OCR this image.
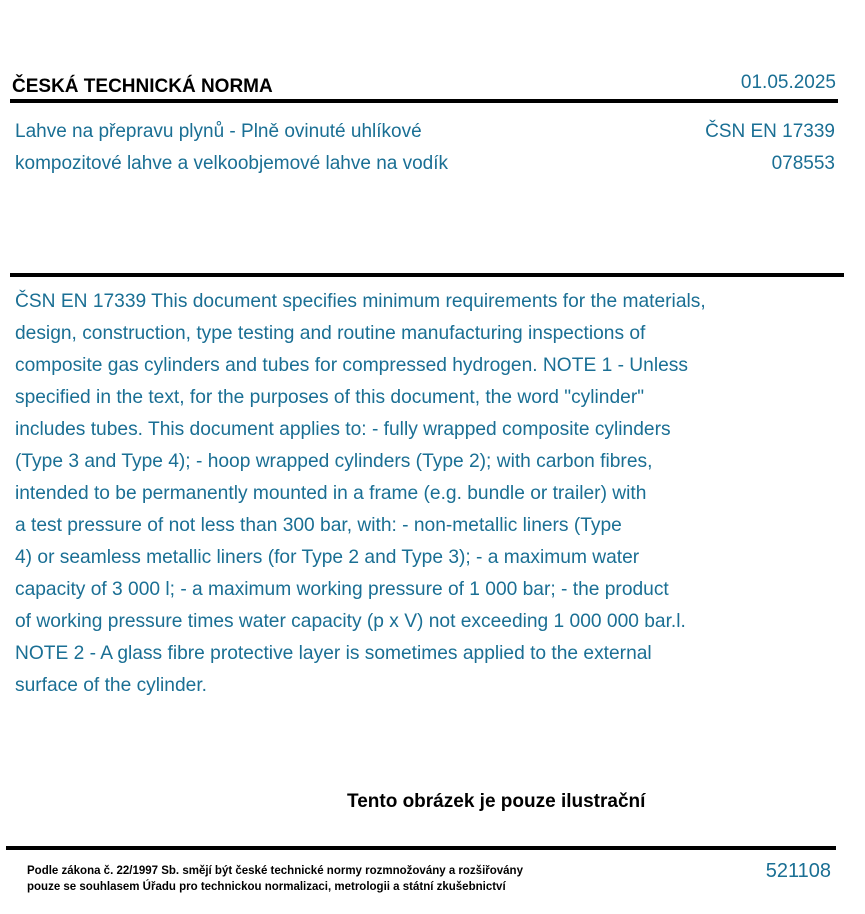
ČESKÁ TECHNICKÁ NORMA	01.05.2025
Lahve na přepravu plynů - Plně ovinuté uhlíkové
kompozitové lahve a velkoobjemové lahve na vodík
ČSN EN 17339
078553
ČSN EN 17339 This document specifies minimum requirements for the materials,
design, construction, type testing and routine manufacturing inspections of
composite gas cylinders and tubes for compressed hydrogen. NOTE 1 - Unless
specified in the text, for the purposes of this document, the word "cylinder"
includes tubes. This document applies to: - fully wrapped composite cylinders
(Type 3 and Type 4); - hoop wrapped cylinders (Type 2); with carbon fibres,
intended to be permanently mounted in a frame (e.g. bundle or trailer) with
a test pressure of not less than 300 bar, with: - non-metallic liners (Type
4) or seamless metallic liners (for Type 2 and Type 3); - a maximum water
capacity of 3 000 l; - a maximum working pressure of 1 000 bar; - the product
of working pressure times water capacity (p x V) not exceeding 1 000 000 bar.l.
NOTE 2 - A glass fibre protective layer is sometimes applied to the external
surface of the cylinder.
Tento obrázek je pouze ilustrační
Podle zákona č. 22/1997 Sb. smějí být české technické normy rozmnožovány a rozšiřovány
pouze se souhlasem Úřadu pro technickou normalizaci, metrologii a státní zkušebnictví
521108
